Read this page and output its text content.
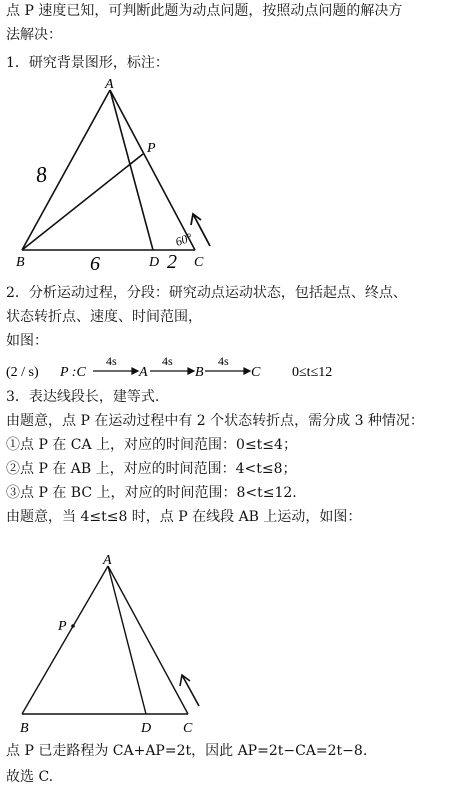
点 P 速度已知，可判断此题为动点问题，按照动点问题的解决方
法解决：
1．研究背景图形，标注：
8
6	2
60°
A
P
B	D C
2．分析运动过程，分段：研究动点运动状态，包括起点、终点、
状态转折点、速度、时间范围，
如图：
(2 / s) P :C
4s
A
4s
B
4s
C 0≤t≤12
3．表达线段长，建等式.
由题意，点 P 在运动过程中有 2 个状态转折点，需分成 3 种情况：
①点 P 在 CA 上，对应的时间范围：0≤t≤4；
②点 P 在 AB 上，对应的时间范围：4<t≤8；
③点 P 在 BC 上，对应的时间范围：8<t≤12.
由题意，当 4≤t≤8 时，点 P 在线段 AB 上运动，如图：
A
P
B	D C
点 P 已走路程为 CA+AP=2t，因此 AP=2t−CA=2t−8.
故选 C.
